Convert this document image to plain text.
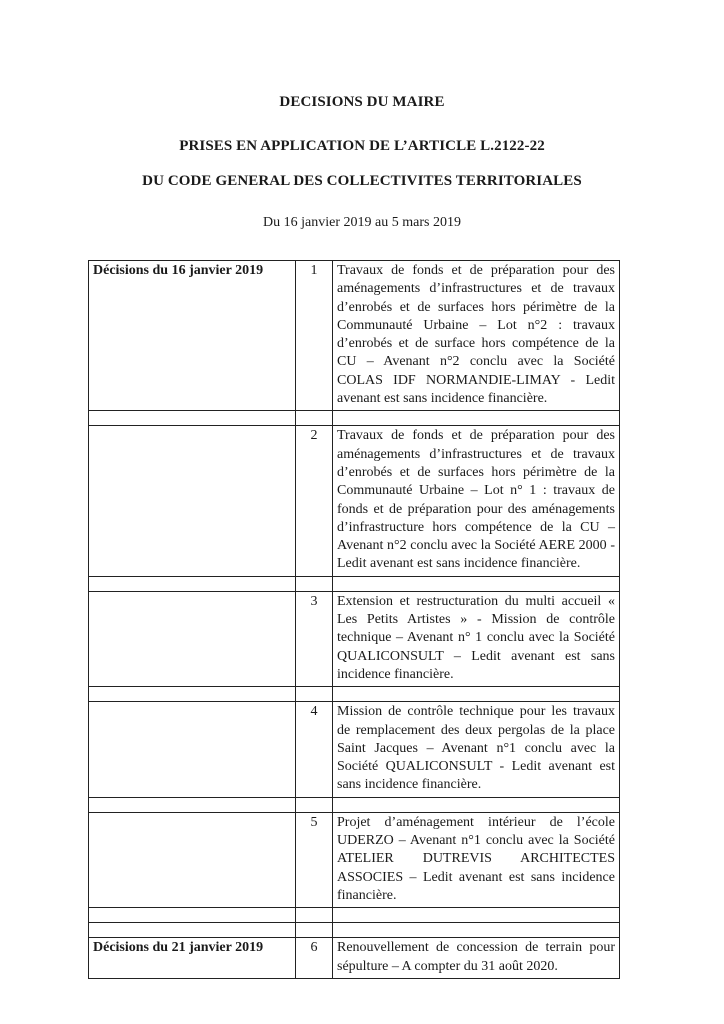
DECISIONS DU MAIRE
PRISES EN APPLICATION DE L’ARTICLE L.2122-22
DU CODE GENERAL DES COLLECTIVITES TERRITORIALES
Du 16 janvier 2019 au 5 mars 2019
Décisions du 16 janvier 2019	1	Travaux de fonds et de préparation pour des aménagements d’infrastructures et de travaux d’enrobés et de surfaces hors périmètre de la Communauté Urbaine – Lot n°2 : travaux d’enrobés et de surface hors compétence de la CU – Avenant n°2 conclu avec la Société COLAS IDF NORMANDIE-LIMAY - Ledit avenant est sans incidence financière.

	2	Travaux de fonds et de préparation pour des aménagements d’infrastructures et de travaux d’enrobés et de surfaces hors périmètre de la Communauté Urbaine – Lot n° 1 : travaux de fonds et de préparation pour des aménagements d’infrastructure hors compétence de la CU – Avenant n°2 conclu avec la Société AERE 2000 - Ledit avenant est sans incidence financière.

	3	Extension et restructuration du multi accueil « Les Petits Artistes » - Mission de contrôle technique – Avenant n° 1 conclu avec la Société QUALICONSULT – Ledit avenant est sans incidence financière.

	4	Mission de contrôle technique pour les travaux de remplacement des deux pergolas de la place Saint Jacques – Avenant n°1 conclu avec la Société QUALICONSULT - Ledit avenant est sans incidence financière.

	5	Projet d’aménagement intérieur de l’école UDERZO – Avenant n°1 conclu avec la Société ATELIER DUTREVIS ARCHITECTES ASSOCIES – Ledit avenant est sans incidence financière.

Décisions du 21 janvier 2019	6	Renouvellement de concession de terrain pour sépulture – A compter du 31 août 2020.
